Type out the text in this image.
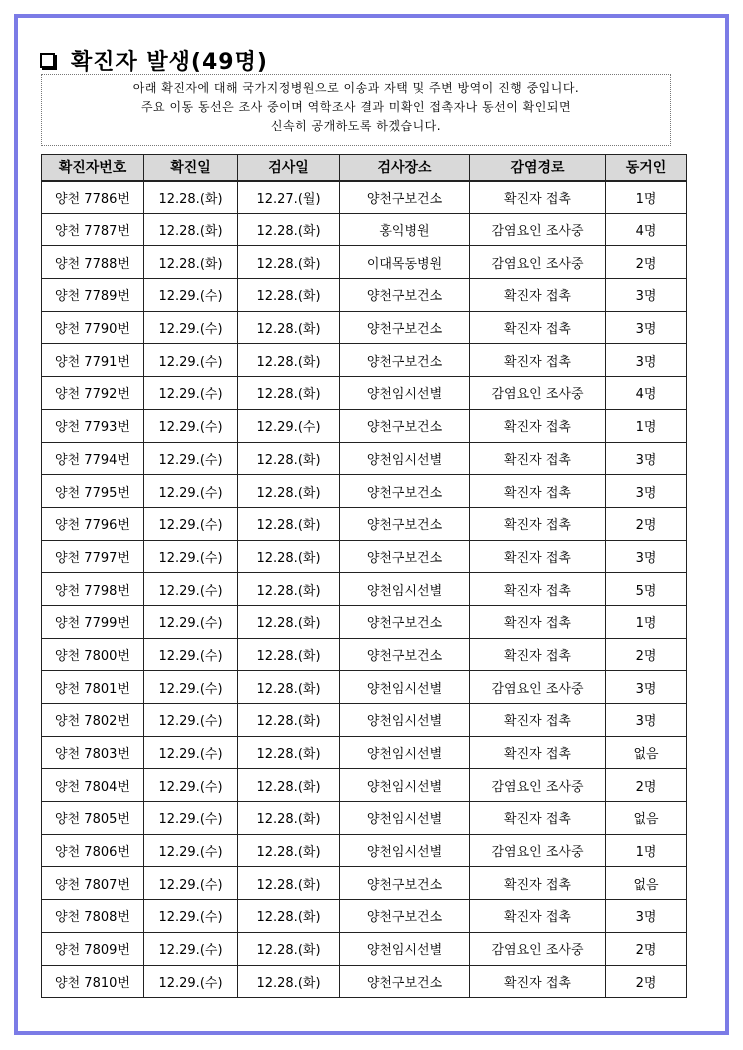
확진자 발생(49명)
아래 확진자에 대해 국가지정병원으로 이송과 자택 및 주변 방역이 진행 중입니다.
주요 이동 동선은 조사 중이며 역학조사 결과 미확인 접촉자나 동선이 확인되면
신속히 공개하도록 하겠습니다.
확진자번호	확진일	검사일	검사장소	감염경로	동거인
양천 7786번	12.28.(화)	12.27.(월)	양천구보건소	확진자 접촉	1명
양천 7787번	12.28.(화)	12.28.(화)	홍익병원	감염요인 조사중	4명
양천 7788번	12.28.(화)	12.28.(화)	이대목동병원	감염요인 조사중	2명
양천 7789번	12.29.(수)	12.28.(화)	양천구보건소	확진자 접촉	3명
양천 7790번	12.29.(수)	12.28.(화)	양천구보건소	확진자 접촉	3명
양천 7791번	12.29.(수)	12.28.(화)	양천구보건소	확진자 접촉	3명
양천 7792번	12.29.(수)	12.28.(화)	양천임시선별	감염요인 조사중	4명
양천 7793번	12.29.(수)	12.29.(수)	양천구보건소	확진자 접촉	1명
양천 7794번	12.29.(수)	12.28.(화)	양천임시선별	확진자 접촉	3명
양천 7795번	12.29.(수)	12.28.(화)	양천구보건소	확진자 접촉	3명
양천 7796번	12.29.(수)	12.28.(화)	양천구보건소	확진자 접촉	2명
양천 7797번	12.29.(수)	12.28.(화)	양천구보건소	확진자 접촉	3명
양천 7798번	12.29.(수)	12.28.(화)	양천임시선별	확진자 접촉	5명
양천 7799번	12.29.(수)	12.28.(화)	양천구보건소	확진자 접촉	1명
양천 7800번	12.29.(수)	12.28.(화)	양천구보건소	확진자 접촉	2명
양천 7801번	12.29.(수)	12.28.(화)	양천임시선별	감염요인 조사중	3명
양천 7802번	12.29.(수)	12.28.(화)	양천임시선별	확진자 접촉	3명
양천 7803번	12.29.(수)	12.28.(화)	양천임시선별	확진자 접촉	없음
양천 7804번	12.29.(수)	12.28.(화)	양천임시선별	감염요인 조사중	2명
양천 7805번	12.29.(수)	12.28.(화)	양천임시선별	확진자 접촉	없음
양천 7806번	12.29.(수)	12.28.(화)	양천임시선별	감염요인 조사중	1명
양천 7807번	12.29.(수)	12.28.(화)	양천구보건소	확진자 접촉	없음
양천 7808번	12.29.(수)	12.28.(화)	양천구보건소	확진자 접촉	3명
양천 7809번	12.29.(수)	12.28.(화)	양천임시선별	감염요인 조사중	2명
양천 7810번	12.29.(수)	12.28.(화)	양천구보건소	확진자 접촉	2명
